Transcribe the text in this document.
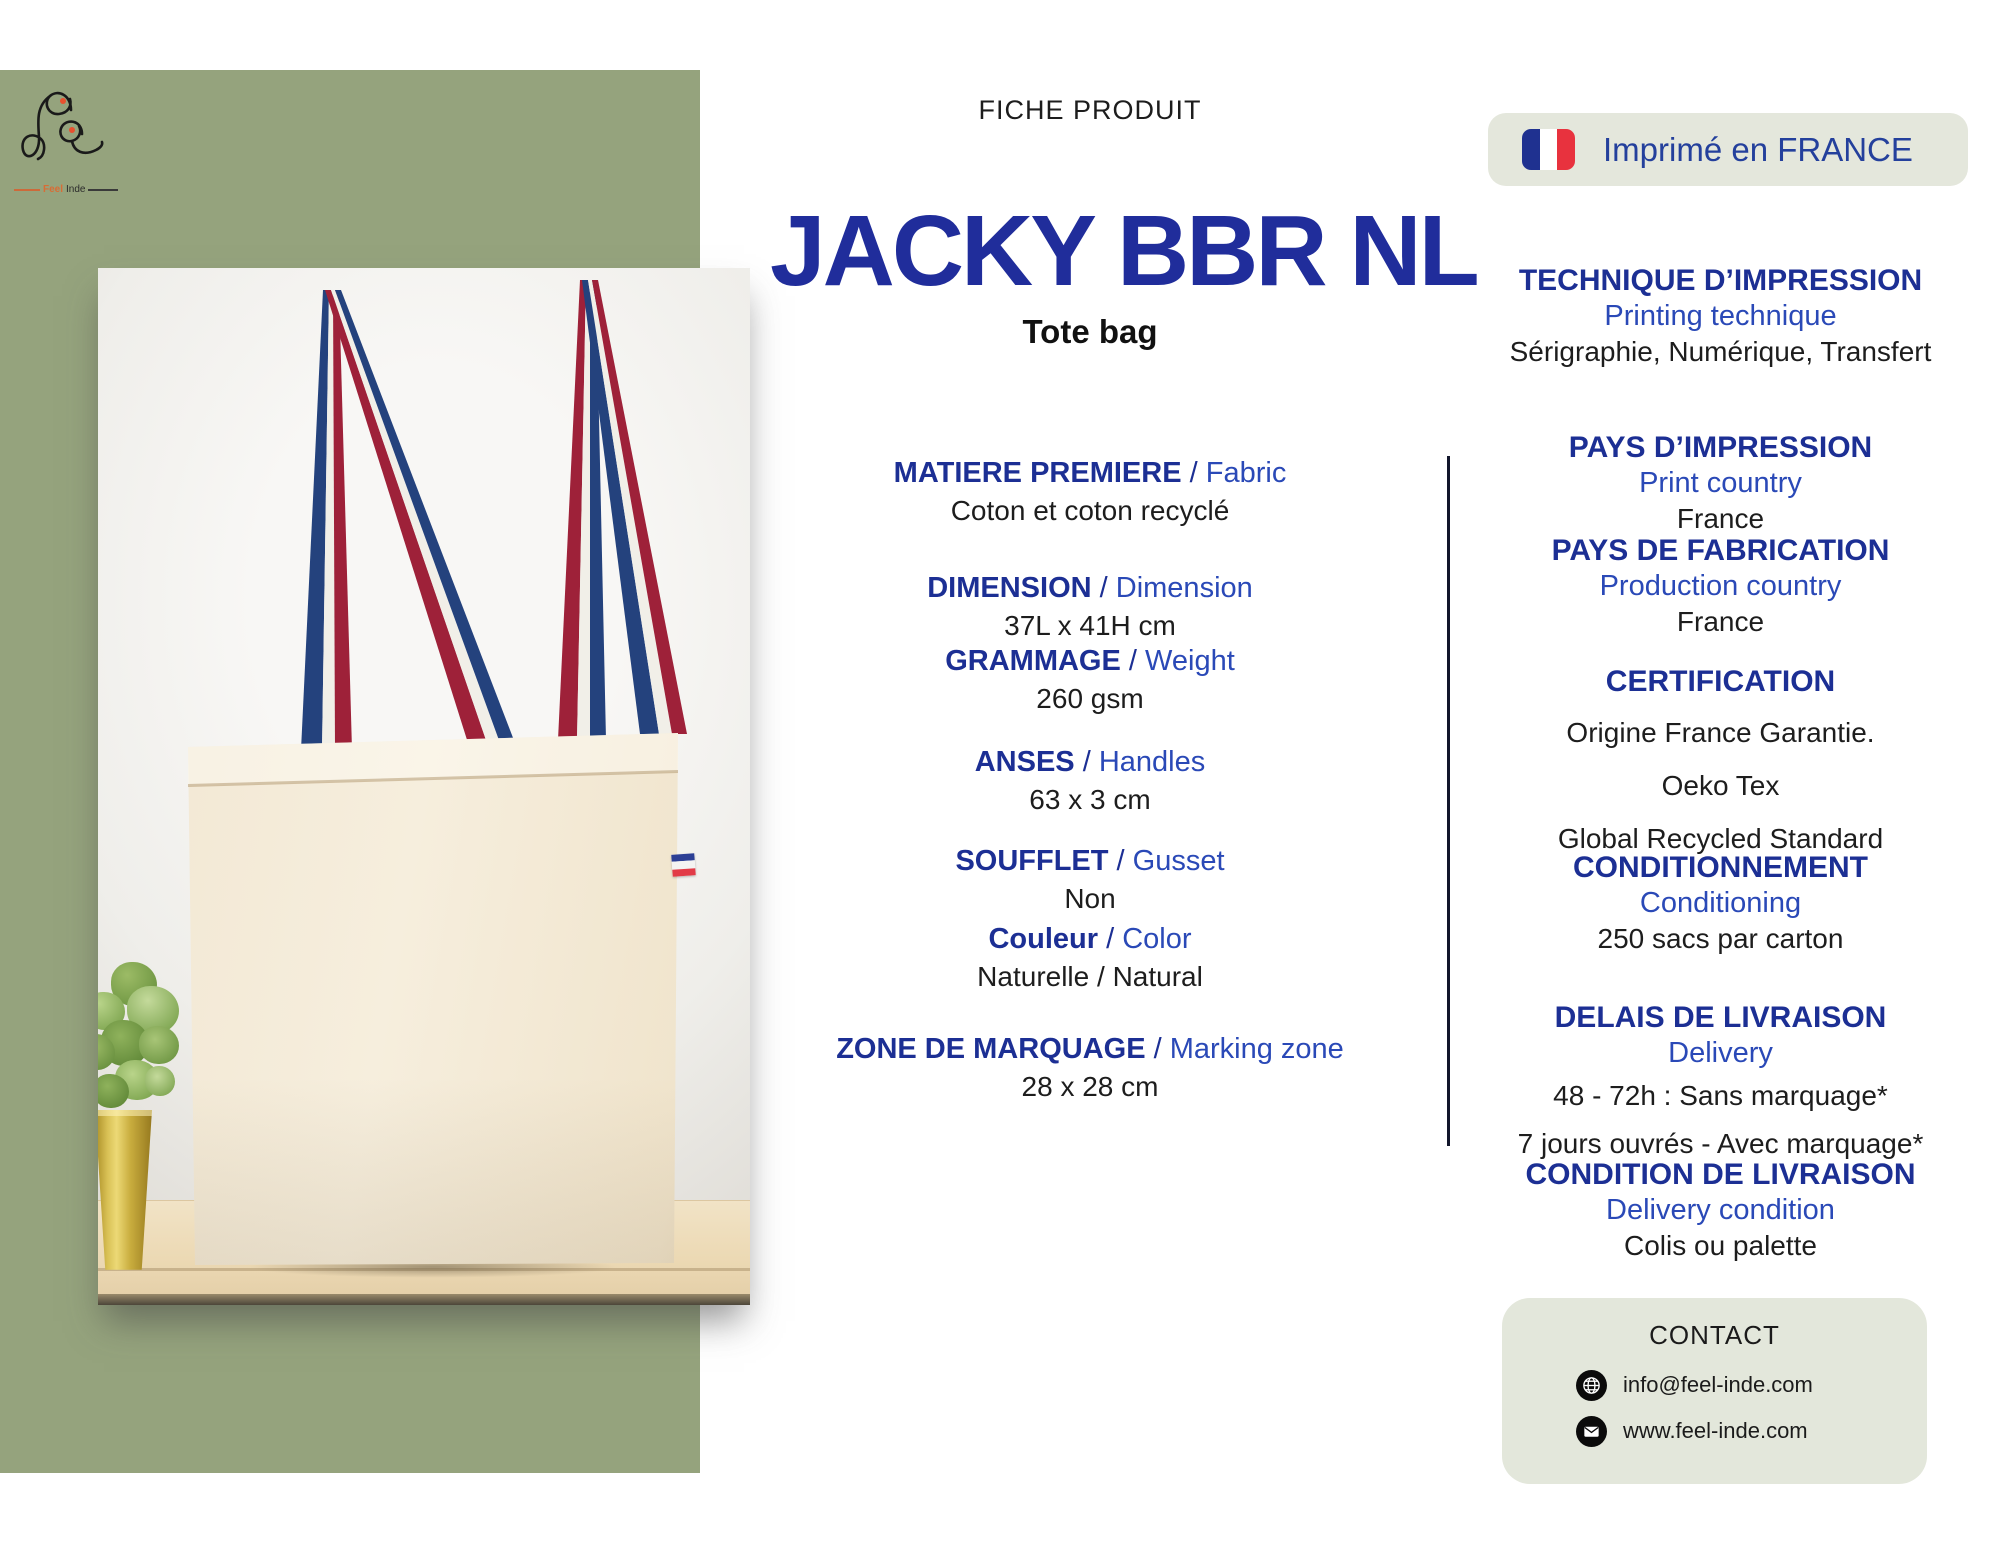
Feel Inde
FICHE PRODUIT
JACKY BBR NL
Tote bag
MATIERE PREMIERE / Fabric
Coton et coton recyclé
DIMENSION / Dimension
37L x 41H cm
GRAMMAGE / Weight
260 gsm
ANSES / Handles
63 x 3 cm
SOUFFLET / Gusset
Non
Couleur / Color
Naturelle / Natural
ZONE DE MARQUAGE / Marking zone
28 x 28 cm
Imprimé en FRANCE
TECHNIQUE D’IMPRESSION
Printing technique
Sérigraphie, Numérique, Transfert
PAYS D’IMPRESSION
Print country
France
PAYS DE FABRICATION
Production country
France
CERTIFICATION
Origine France Garantie.
Oeko Tex
Global Recycled Standard
CONDITIONNEMENT
Conditioning
250 sacs par carton
DELAIS DE LIVRAISON
Delivery
48 - 72h : Sans marquage*
7 jours ouvrés - Avec marquage*
CONDITION DE LIVRAISON
Delivery condition
Colis ou palette
CONTACT
info@feel-inde.com
www.feel-inde.com
